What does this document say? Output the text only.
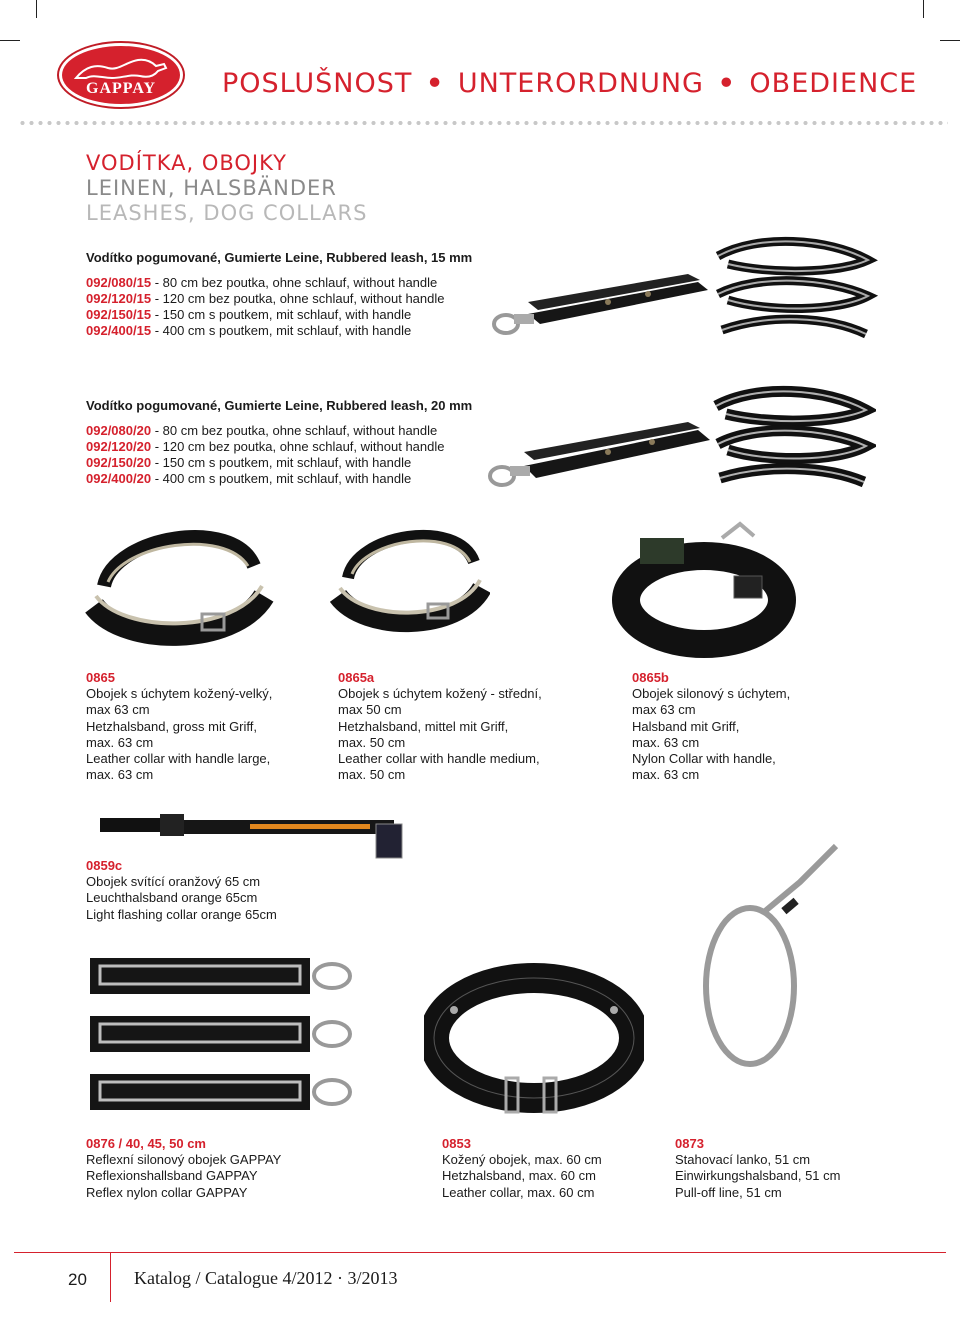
GAPPAY	POSLUŠNOST • UNTERORDNUNG • OBEDIENCE
VODÍTKA, OBOJKY
LEINEN, HALSBÄNDER
LEASHES, DOG COLLARS
Vodítko pogumované, Gumierte Leine, Rubbered leash, 15 mm
092/080/15 - 80 cm bez poutka, ohne schlauf, without handle
092/120/15 - 120 cm bez poutka, ohne schlauf, without handle
092/150/15 - 150 cm s poutkem, mit schlauf, with handle
092/400/15 - 400 cm s poutkem, mit schlauf, with handle
Vodítko pogumované, Gumierte Leine, Rubbered leash, 20 mm
092/080/20 - 80 cm bez poutka, ohne schlauf, without handle
092/120/20 - 120 cm bez poutka, ohne schlauf, without handle
092/150/20 - 150 cm s poutkem, mit schlauf, with handle
092/400/20 - 400 cm s poutkem, mit schlauf, with handle
0865
Obojek s úchytem kožený-velký,
max 63 cm
Hetzhalsband, gross mit Griff,
max. 63 cm
Leather collar with handle large,
max. 63 cm
0865a
Obojek s úchytem kožený - střední,
max 50 cm
Hetzhalsband, mittel mit Griff,
max. 50 cm
Leather collar with handle medium,
max. 50 cm
0865b
Obojek silonový s úchytem,
max 63 cm
Halsband mit Griff,
max. 63 cm
Nylon Collar with handle,
max. 63 cm
0859c
Obojek svítící oranžový 65 cm
Leuchthalsband orange 65cm
Light flashing collar orange 65cm
0876 / 40, 45, 50 cm
Reflexní silonový obojek GAPPAY
Reflexionshallsband GAPPAY
Reflex nylon collar GAPPAY
0853
Kožený obojek, max. 60 cm
Hetzhalsband, max. 60 cm
Leather collar, max. 60 cm
0873
Stahovací lanko, 51 cm
Einwirkungshalsband, 51 cm
Pull-off line, 51 cm
20	Katalog / Catalogue 4/2012 · 3/2013
